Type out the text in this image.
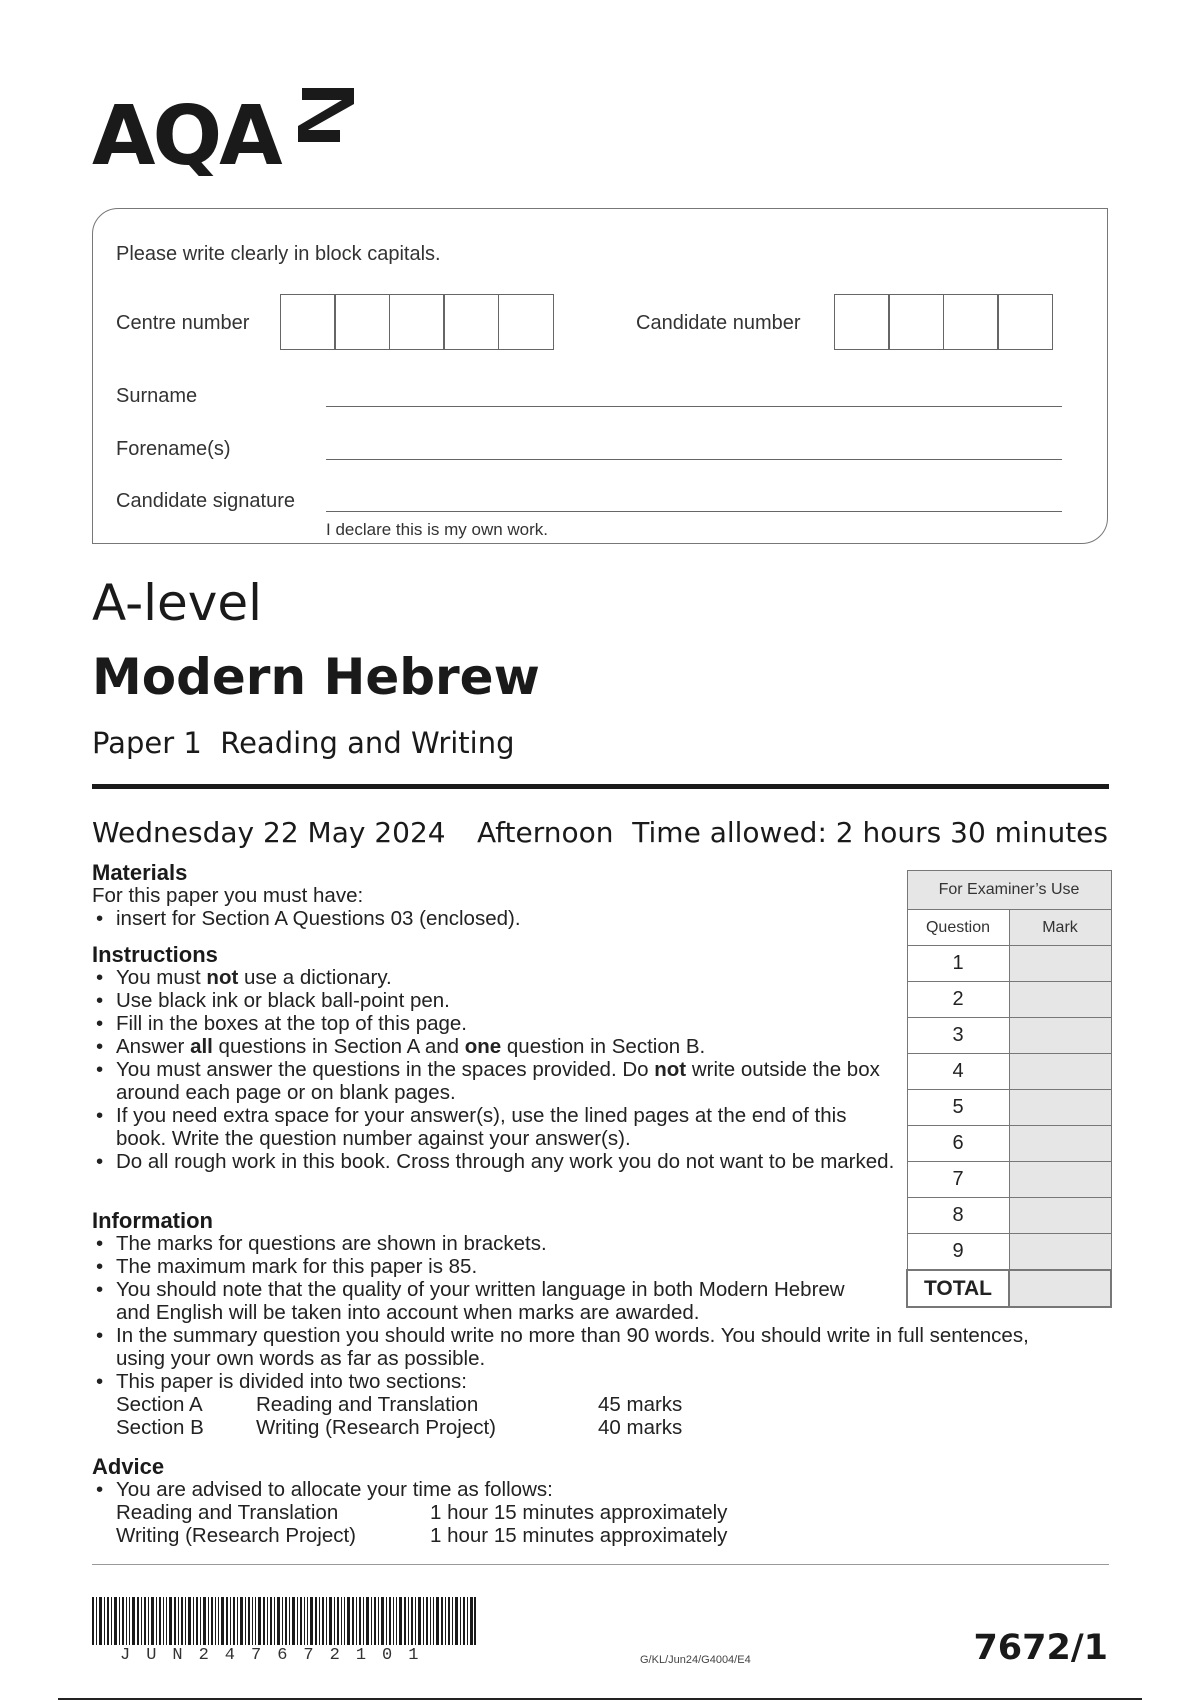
AQA
Please write clearly in block capitals.
Centre number	Candidate number
Surname
Forename(s)
Candidate signature
I declare this is my own work.
A-level
Modern Hebrew
Paper 1  Reading and Writing
Wednesday 22 May 2024 Afternoon Time allowed: 2 hours 30 minutes
Materials
For this paper you must have:
• insert for Section A Questions 03 (enclosed).
Instructions
• You must not use a dictionary.
• Use black ink or black ball-point pen.
• Fill in the boxes at the top of this page.
• Answer all questions in Section A and one question in Section B.
• You must answer the questions in the spaces provided. Do not write outside the box around each page or on blank pages.
• If you need extra space for your answer(s), use the lined pages at the end of this book. Write the question number against your answer(s).
• Do all rough work in this book. Cross through any work you do not want to be marked.
Information
• The marks for questions are shown in brackets.
• The maximum mark for this paper is 85.
• You should note that the quality of your written language in both Modern Hebrew and English will be taken into account when marks are awarded.
• In the summary question you should write no more than 90 words. You should write in full sentences, using your own words as far as possible.
• This paper is divided into two sections:
Section A	Reading and Translation	45 marks
Section B	Writing (Research Project)	40 marks
Advice
• You are advised to allocate your time as follows:
Reading and Translation	1 hour 15 minutes approximately
Writing (Research Project)	1 hour 15 minutes approximately
For Examiner’s Use	
Question	Mark
1	
2	
3	
4	
5	
6	
7	
8	
9	
TOTAL	
JUN247672101	G/KL/Jun24/G4004/E4	7672/1
